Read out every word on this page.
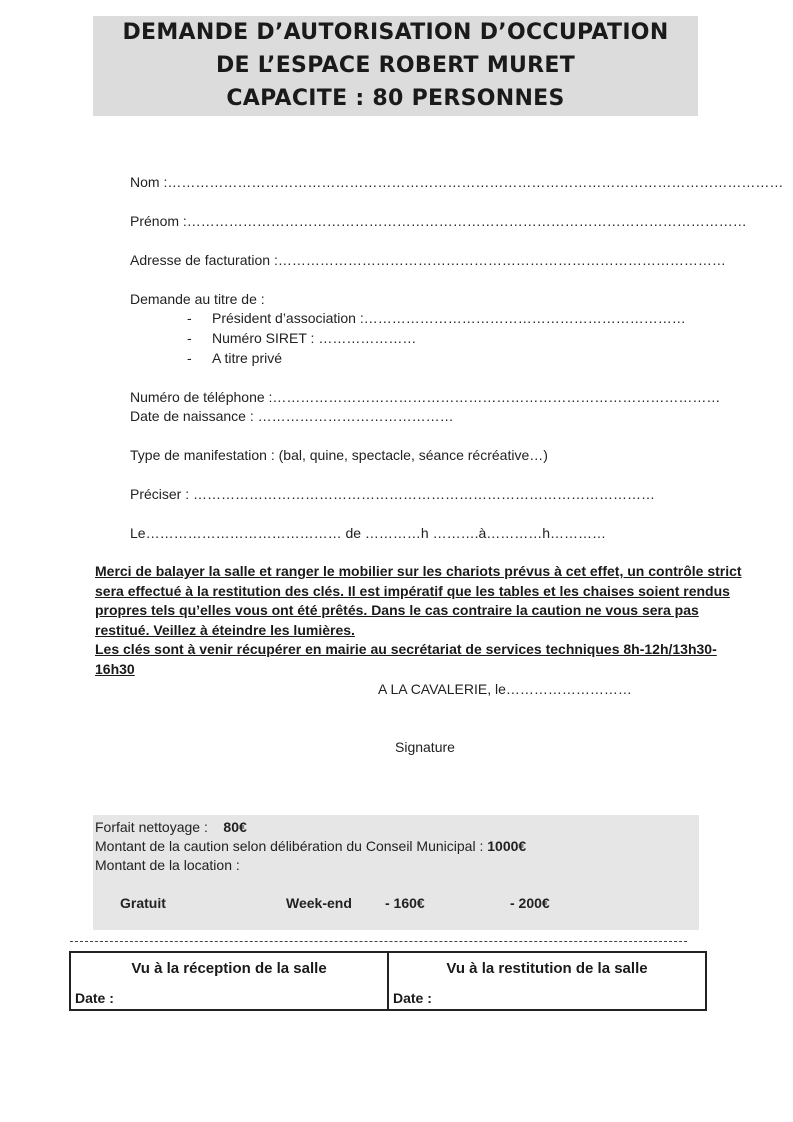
DEMANDE D’AUTORISATION D’OCCUPATION
DE L’ESPACE ROBERT MURET
CAPACITE : 80 PERSONNES
Nom :……………………………………………………………………………………………………………………
Prénom :…………………………………………………………………………………………………………
Adresse de facturation :……………………………………………………………………………………
Demande au titre de :
- Président d’association :……………………………………………………………
- Numéro SIRET : …………………
- A titre privé
Numéro de téléphone :……………………………………………………………………………………
Date de naissance : ……………………………………
Type de manifestation : (bal, quine, spectacle, séance récréative…)
Préciser : ………………………………………………………………………………………
Le…………………………………… de …………h ……….à…………h…………
Merci de balayer la salle et ranger le mobilier sur les chariots prévus à cet effet, un contrôle strict sera effectué à la restitution des clés. Il est impératif que les tables et les chaises soient rendus propres tels qu’elles vous ont été prêtés. Dans le cas contraire la caution ne vous sera pas restitué. Veillez à éteindre les lumières.
Les clés sont à venir récupérer en mairie au secrétariat de services techniques 8h-12h/13h30-16h30
A LA CAVALERIE, le………………………
Signature
Forfait nettoyage : 80€
Montant de la caution selon délibération du Conseil Municipal : 1000€
Montant de la location :
Gratuit	Week-end - 160€	- 200€
Vu à la réception de la salle
Date :
Vu à la restitution de la salle
Date :
